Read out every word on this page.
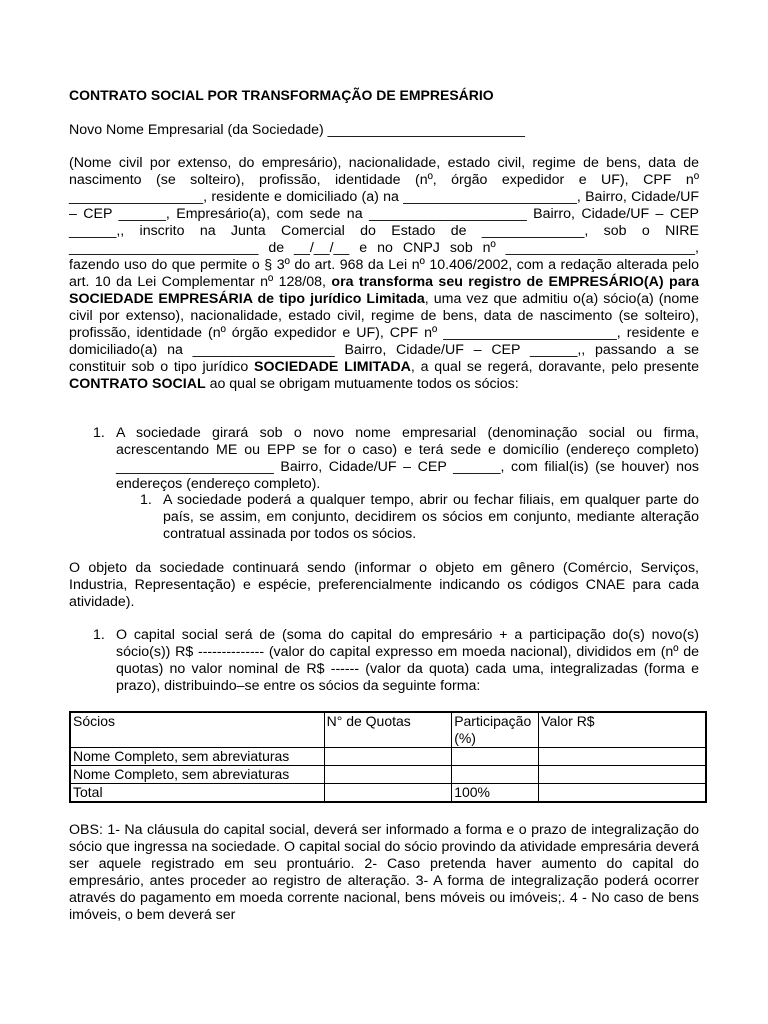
CONTRATO SOCIAL POR TRANSFORMAÇÃO DE EMPRESÁRIO
Novo Nome Empresarial (da Sociedade) _________________________
(Nome civil por extenso, do empresário), nacionalidade, estado civil, regime de bens, data de nascimento (se solteiro), profissão, identidade (nº, órgão expedidor e UF), CPF nº _________________, residente e domiciliado (a) na ______________________, Bairro, Cidade/UF – CEP ______, Empresário(a), com sede na ____________________ Bairro, Cidade/UF – CEP ______,, inscrito na Junta Comercial do Estado de _____________, sob o NIRE ________________________ de __/__/__ e no CNPJ sob nº ________________________, fazendo uso do que permite o § 3º do art. 968 da Lei nº 10.406/2002, com a redação alterada pelo art. 10 da Lei Complementar nº 128/08, ora transforma seu registro de EMPRESÁRIO(A) para SOCIEDADE EMPRESÁRIA de tipo jurídico Limitada, uma vez que admitiu o(a) sócio(a) (nome civil por extenso), nacionalidade, estado civil, regime de bens, data de nascimento (se solteiro), profissão, identidade (nº órgão expedidor e UF), CPF nº ______________________, residente e domiciliado(a) na __________________ Bairro, Cidade/UF – CEP ______,, passando a se constituir sob o tipo jurídico SOCIEDADE LIMITADA, a qual se regerá, doravante, pelo presente CONTRATO SOCIAL ao qual se obrigam mutuamente todos os sócios:
1. A sociedade girará sob o novo nome empresarial (denominação social ou firma, acrescentando ME ou EPP se for o caso) e terá sede e domicílio (endereço completo) ____________________ Bairro, Cidade/UF – CEP ______, com filial(is) (se houver) nos endereços (endereço completo).
1. A sociedade poderá a qualquer tempo, abrir ou fechar filiais, em qualquer parte do país, se assim, em conjunto, decidirem os sócios em conjunto, mediante alteração contratual assinada por todos os sócios.
O objeto da sociedade continuará sendo (informar o objeto em gênero (Comércio, Serviços, Industria, Representação) e espécie, preferencialmente indicando os códigos CNAE para cada atividade).
1. O capital social será de (soma do capital do empresário + a participação do(s) novo(s) sócio(s)) R$ -------------- (valor do capital expresso em moeda nacional), divididos em (nº de quotas) no valor nominal de R$ ------ (valor da quota) cada uma, integralizadas (forma e prazo), distribuindo–se entre os sócios da seguinte forma:
Sócios	N° de Quotas	Participação (%)	Valor R$
Nome Completo, sem abreviaturas			
Nome Completo, sem abreviaturas			
Total		100%	
OBS: 1- Na cláusula do capital social, deverá ser informado a forma e o prazo de integralização do sócio que ingressa na sociedade. O capital social do sócio provindo da atividade empresária deverá ser aquele registrado em seu prontuário. 2- Caso pretenda haver aumento do capital do empresário, antes proceder ao registro de alteração. 3- A forma de integralização poderá ocorrer através do pagamento em moeda corrente nacional, bens móveis ou imóveis;. 4 - No caso de bens imóveis, o bem deverá ser
